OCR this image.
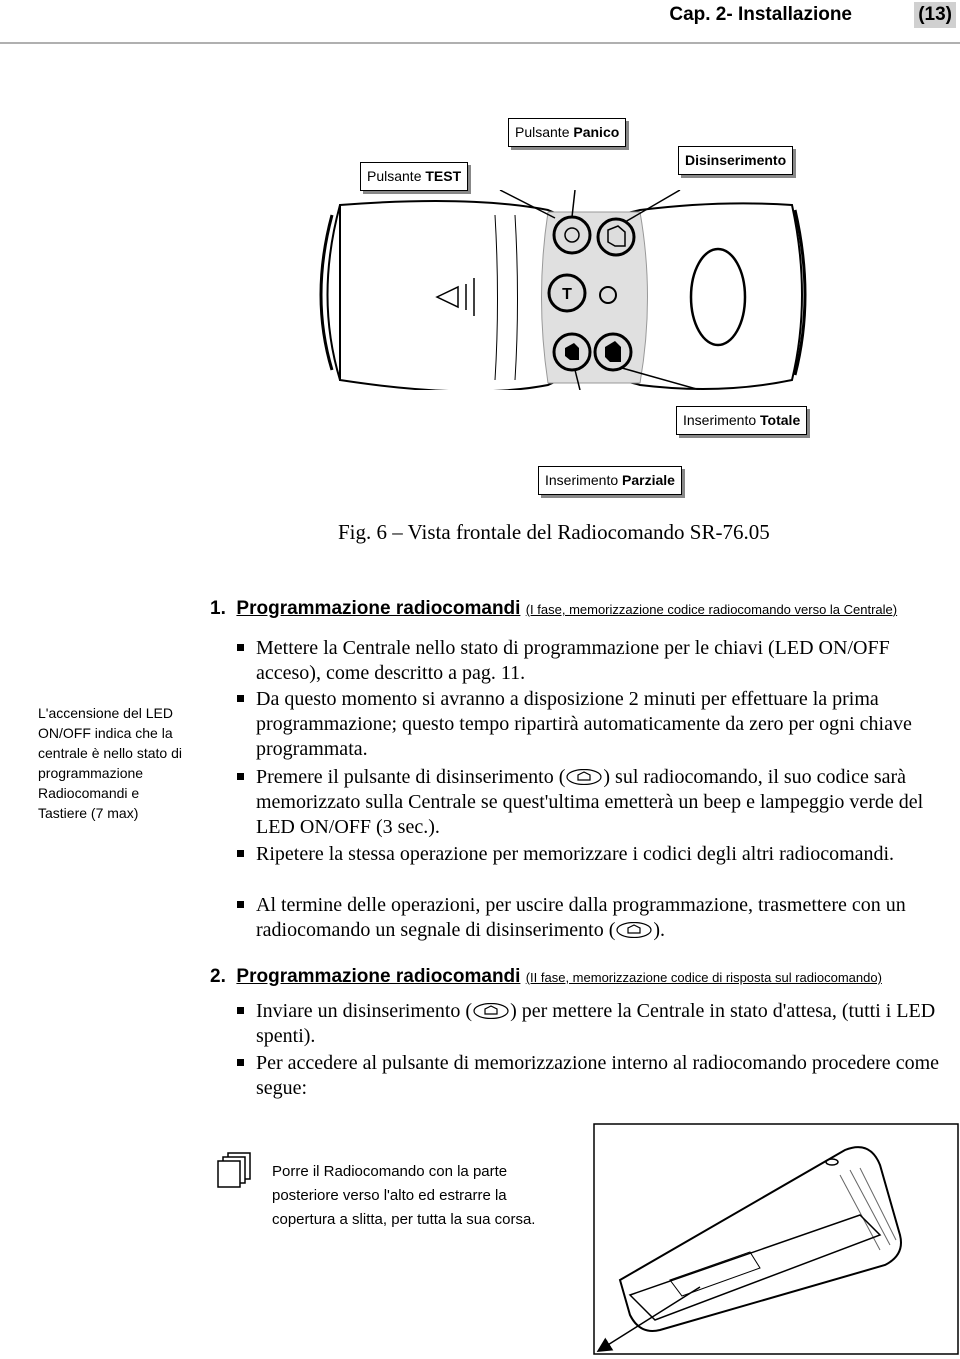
Cap. 2- Installazione	(13)
T
Pulsante Panico
Pulsante TEST
Disinserimento
Inserimento Totale
Inserimento Parziale
Fig. 6 – Vista frontale del Radiocomando SR-76.05
L'accensione del LED ON/OFF indica che la centrale è nello stato di programmazione Radiocomandi e Tastiere (7 max)
1. Programmazione radiocomandi (I fase, memorizzazione codice radiocomando verso la Centrale)
Mettere la Centrale nello stato di programmazione per le chiavi (LED ON/OFF acceso), come descritto a pag. 11.
Da questo momento si avranno a disposizione 2 minuti per effettuare la prima programmazione; questo tempo ripartirà automaticamente da zero per ogni chiave programmata.
Premere il pulsante di disinserimento ( ) sul radiocomando, il suo codice sarà memorizzato sulla Centrale se quest'ultima emetterà un beep e lampeggio verde del LED ON/OFF (3 sec.).
Ripetere la stessa operazione per memorizzare i codici degli altri radiocomandi.
Al termine delle operazioni, per uscire dalla programmazione, trasmettere con un radiocomando un segnale di disinserimento ( ).
2. Programmazione radiocomandi (II fase, memorizzazione codice di risposta sul radiocomando)
Inviare un disinserimento ( ) per mettere la Centrale in stato d'attesa, (tutti i LED spenti).
Per accedere al pulsante di memorizzazione interno al radiocomando procedere come segue:
Porre il Radiocomando con la parte posteriore verso l'alto ed estrarre la copertura a slitta, per tutta la sua corsa.
